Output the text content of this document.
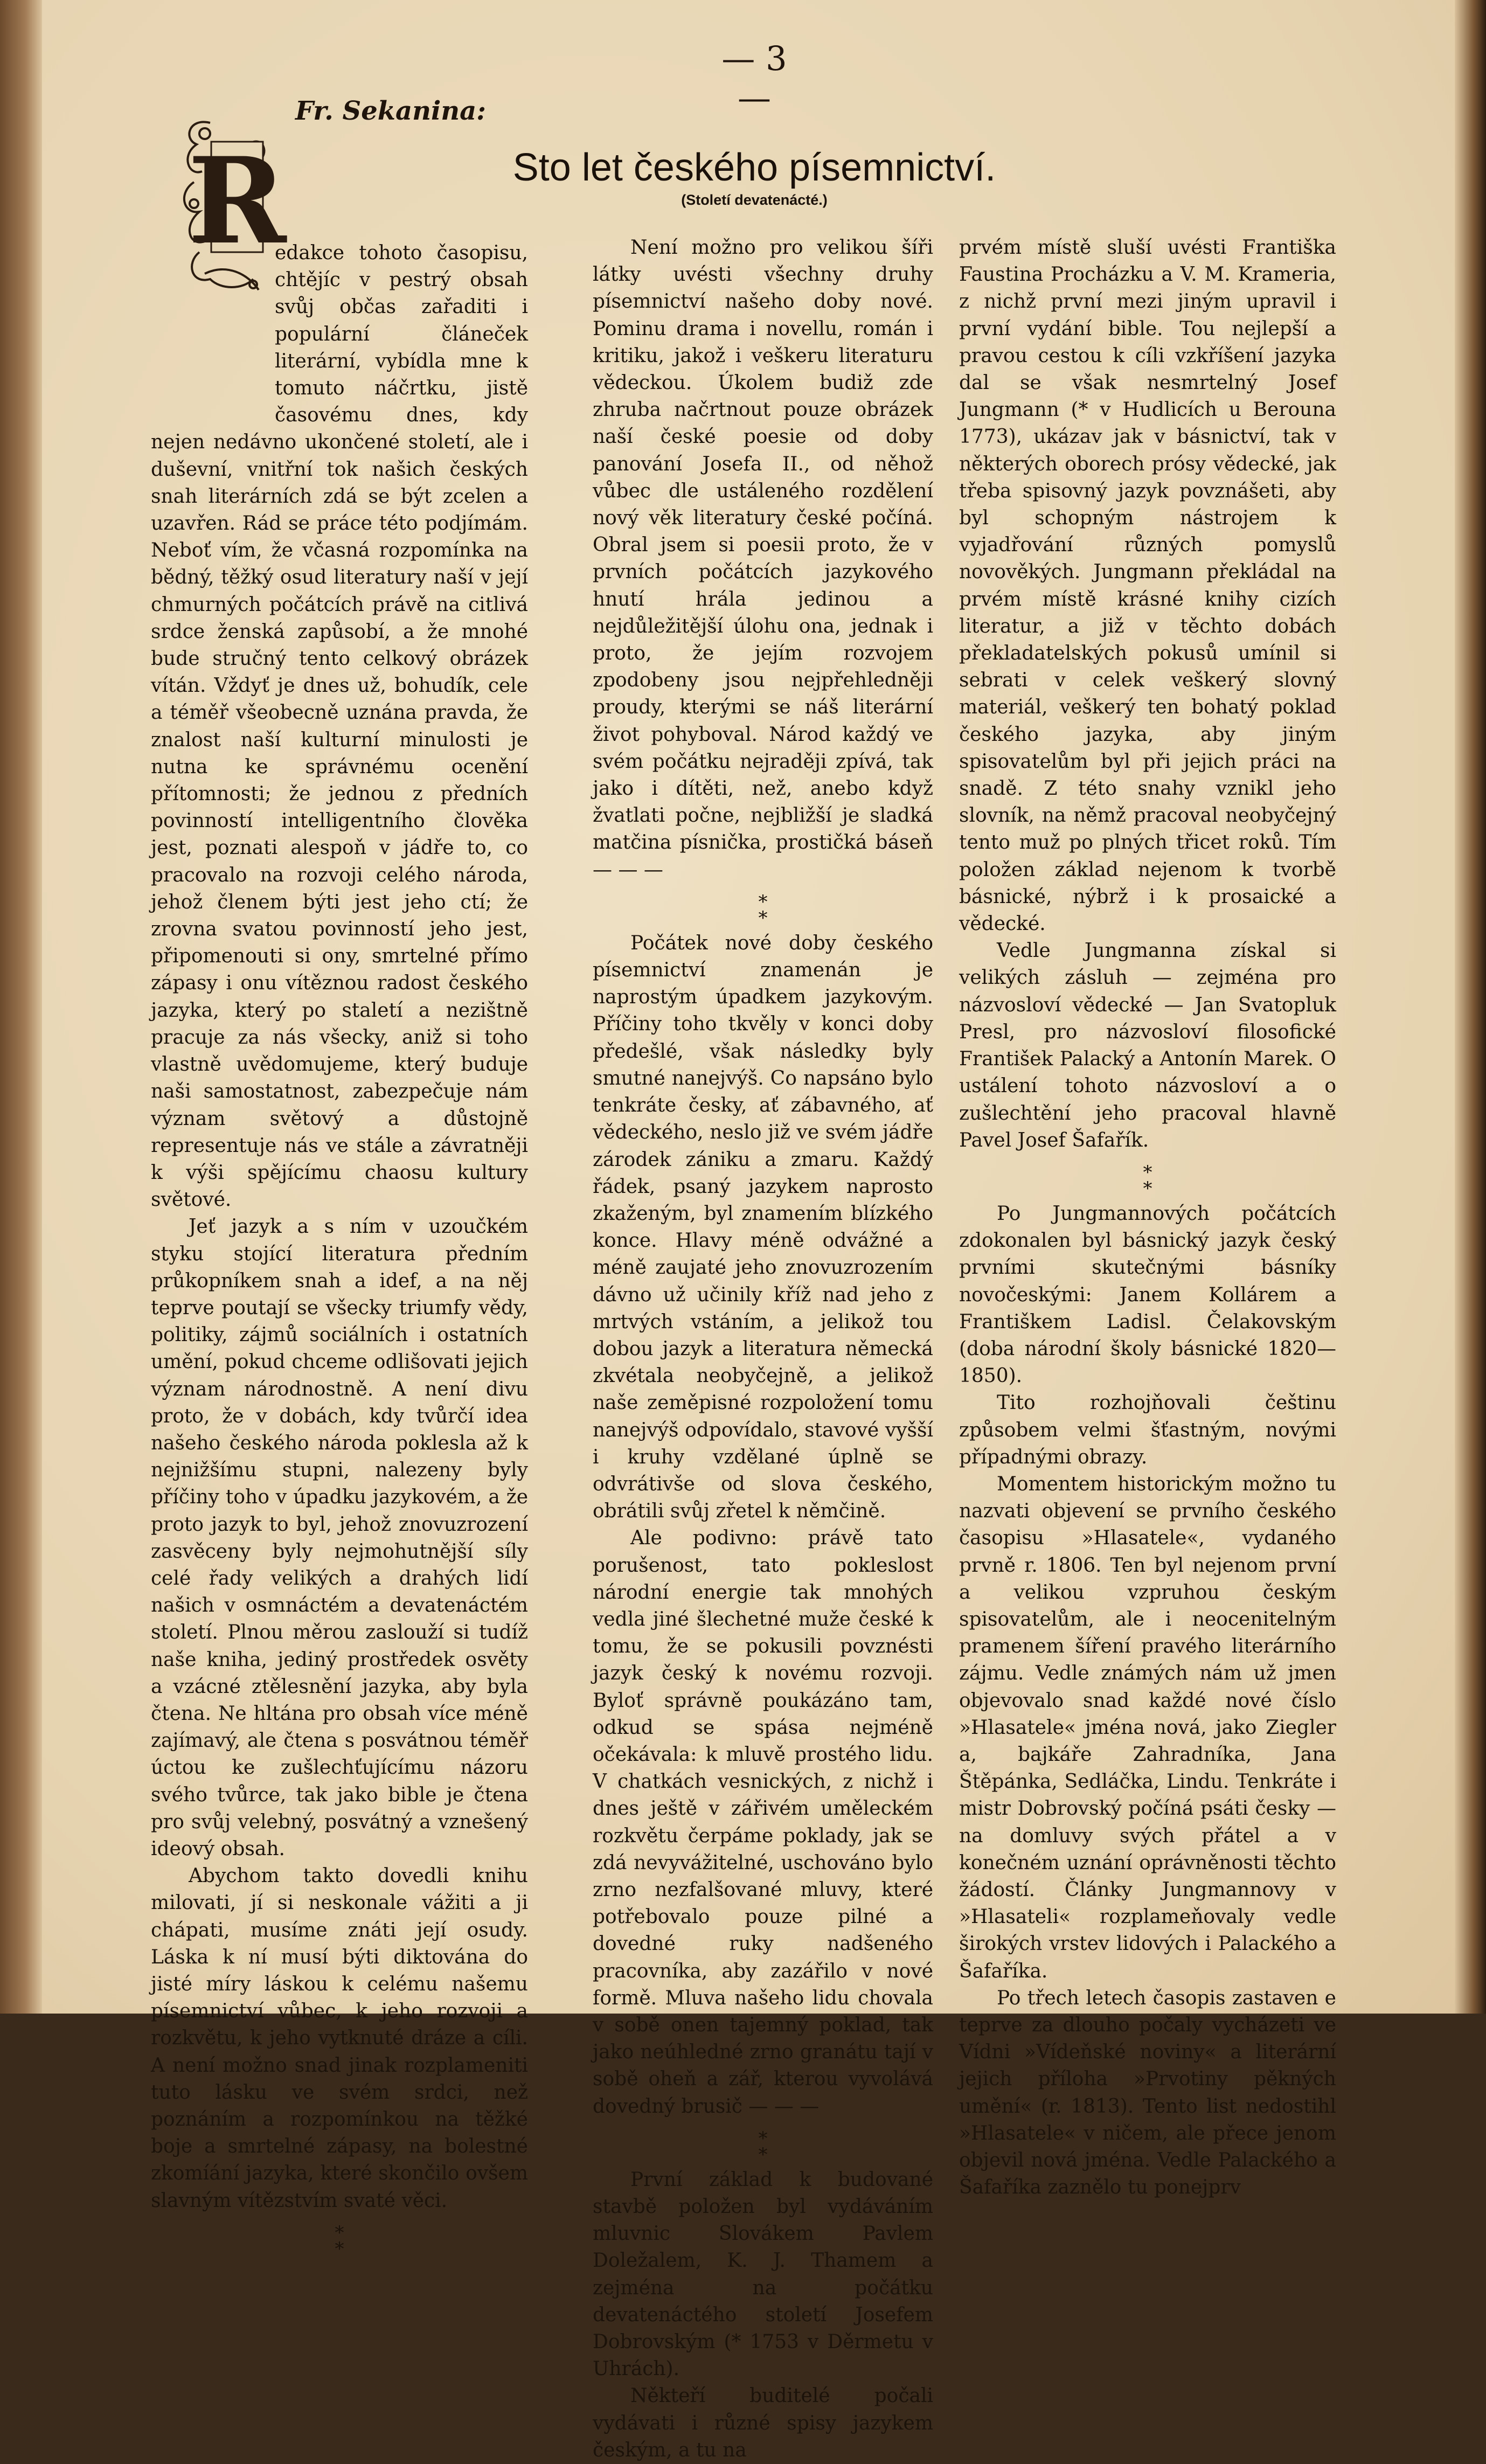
— 3 —
Fr. Sekanina:
Sto let českého písemnictví.
(Století devatenácté.)
R

edakce tohoto časopisu, chtějíc v pestrý obsah svůj občas zařaditi i populární článeček literární, vybídla mne k tomuto náčrtku, jistě časovému dnes, kdy nejen nedávno ukončené století, ale i duševní, vnitřní tok našich českých snah literárních zdá se být zcelen a uzavřen. Rád se práce této podjímám. Neboť vím, že včasná rozpomínka na bědný, těžký osud literatury naší v její chmurných počátcích právě na citlivá srdce ženská zapůsobí, a že mnohé bude stručný tento celkový obrázek vítán. Vždyť je dnes už, bohudík, cele a téměř všeobecně uznána pravda, že znalost naší kulturní minulosti je nutna ke správnému ocenění přítomnosti; že jednou z předních povinností intelligentního člověka jest, poznati alespoň v jádře to, co pracovalo na rozvoji celého národa, jehož členem býti jest jeho ctí; že zrovna svatou povinností jeho jest, připomenouti si ony, smrtelné přímo zápasy i onu vítěznou radost českého jazyka, který po staletí a nezištně pracuje za nás všecky, aniž si toho vlastně uvědomujeme, který buduje naši samostatnost, zabezpečuje nám význam světový a důstojně representuje nás ve stále a závratněji k výši spějícímu chaosu kultury světové.

Jeť jazyk a s ním v uzoučkém styku stojící literatura předním průkopníkem snah a idef, a na něj teprve poutají se všecky triumfy vědy, politiky, zájmů sociálních i ostatních umění, pokud chceme odlišovati jejich význam národnostně. A není divu proto, že v dobách, kdy tvůrčí idea našeho českého národa poklesla až k nejnižšímu stupni, nalezeny byly příčiny toho v úpadku jazykovém, a že proto jazyk to byl, jehož znovuzrození zasvěceny byly nejmohutnější síly celé řady velikých a drahých lidí našich v osmnáctém a devatenáctém století. Plnou měrou zaslouží si tudíž naše kniha, jediný prostředek osvěty a vzácné ztělesnění jazyka, aby byla čtena. Ne hltána pro obsah více méně zajímavý, ale čtena s posvátnou téměř úctou ke zušlechťujícímu názoru svého tvůrce, tak jako bible je čtena pro svůj velebný, posvátný a vznešený ideový obsah.

Abychom takto dovedli knihu milovati, jí si neskonale vážiti a ji chápati, musíme znáti její osudy. Láska k ní musí býti diktována do jisté míry láskou k celému našemu písemnictví vůbec, k jeho rozvoji a rozkvětu, k jeho vytknuté dráze a cíli. A není možno snad jinak rozplameniti tuto lásku ve svém srdci, než poznáním a rozpomínkou na těžké boje a smrtelné zápasy, na bolestné zkomíání jazyka, které skončilo ovšem slavným vítězstvím svaté věci.

*
*

Není možno pro velikou šíři látky uvésti všechny druhy písemnictví našeho doby nové. Pominu drama i novellu, román i kritiku, jakož i veškeru literaturu vědeckou. Úkolem budiž zde zhruba načrtnout pouze obrázek naší české poesie od doby panování Josefa II., od něhož vůbec dle ustáleného rozdělení nový věk literatury české počíná. Obral jsem si poesii proto, že v prvních počátcích jazykového hnutí hrála jedinou a nejdůležitější úlohu ona, jednak i proto, že jejím rozvojem zpodobeny jsou nejpřehledněji proudy, kterými se náš literární život pohyboval. Národ každý ve svém počátku nejraději zpívá, tak jako i dítěti, než, anebo když žvatlati počne, nejbližší je sladká matčina písnička, prostičká báseň — — —

*
*

Počátek nové doby českého písemnictví znamenán je naprostým úpadkem jazykovým. Příčiny toho tkvěly v konci doby předešlé, však následky byly smutné nanejvýš. Co napsáno bylo tenkráte česky, ať zábavného, ať vědeckého, neslo již ve svém jádře zárodek zániku a zmaru. Každý řádek, psaný jazykem naprosto zkaženým, byl znamením blízkého konce. Hlavy méně odvážné a méně zaujaté jeho znovuzrozením dávno už učinily kříž nad jeho z mrtvých vstáním, a jelikož tou dobou jazyk a literatura německá zkvétala neobyčejně, a jelikož naše zeměpisné rozpoložení tomu nanejvýš odpovídalo, stavové vyšší i kruhy vzdělané úplně se odvrátivše od slova českého, obrátili svůj zřetel k němčině.

Ale podivno: právě tato porušenost, tato pokleslost národní energie tak mnohých vedla jiné šlechetné muže české k tomu, že se pokusili povznésti jazyk český k novému rozvoji. Byloť správně poukázáno tam, odkud se spása nejméně očekávala: k mluvě prostého lidu. V chatkách vesnických, z nichž i dnes ještě v zářivém uměleckém rozkvětu čerpáme poklady, jak se zdá nevyvážitelné, uschováno bylo zrno nezfalšované mluvy, které potřebovalo pouze pilné a dovedné ruky nadšeného pracovníka, aby zazářilo v nové formě. Mluva našeho lidu chovala v sobě onen tajemný poklad, tak jako neúhledné zrno granátu tají v sobě oheň a zář, kterou vyvolává dovedný brusič — — —

*
*

První základ k budované stavbě položen byl vydáváním mluvnic Slovákem Pavlem Doležalem, K. J. Thamem a zejména na počátku devatenáctého století Josefem Dobrovským (* 1753 v Děrmetu v Uhrách).

Někteří buditelé počali vydávati i různé spisy jazykem českým, a tu na

prvém místě sluší uvésti Františka Faustina Procházku a V. M. Krameria, z nichž první mezi jiným upravil i první vydání bible. Tou nejlepší a pravou cestou k cíli vzkříšení jazyka dal se však nesmrtelný Josef Jungmann (* v Hudlicích u Berouna 1773), ukázav jak v básnictví, tak v některých oborech prósy vědecké, jak třeba spisovný jazyk povznášeti, aby byl schopným nástrojem k vyjadřování různých pomyslů novověkých. Jungmann překládal na prvém místě krásné knihy cizích literatur, a již v těchto dobách překladatelských pokusů umínil si sebrati v celek veškerý slovný materiál, veškerý ten bohatý poklad českého jazyka, aby jiným spisovatelům byl při jejich práci na snadě. Z této snahy vznikl jeho slovník, na němž pracoval neobyčejný tento muž po plných třicet roků. Tím položen základ nejenom k tvorbě básnické, nýbrž i k prosaické a vědecké.

Vedle Jungmanna získal si velikých zásluh — zejména pro názvosloví vědecké — Jan Svatopluk Presl, pro názvosloví filosofické František Palacký a Antonín Marek. O ustálení tohoto názvosloví a o zušlechtění jeho pracoval hlavně Pavel Josef Šafařík.

*
*

Po Jungmannových počátcích zdokonalen byl básnický jazyk český prvními skutečnými básníky novočeskými: Janem Kollárem a Františkem Ladisl. Čelakovským (doba národní školy básnické 1820—1850).

Tito rozhojňovali češtinu způsobem velmi šťastným, novými případnými obrazy.

Momentem historickým možno tu nazvati objevení se prvního českého časopisu »Hlasatele«, vydaného prvně r. 1806. Ten byl nejenom první a velikou vzpruhou českým spisovatelům, ale i neocenitelným pramenem šíření pravého literárního zájmu. Vedle známých nám už jmen objevovalo snad každé nové číslo »Hlasatele« jména nová, jako Ziegler a, bajkáře Zahradníka, Jana Štěpánka, Sedláčka, Lindu. Tenkráte i mistr Dobrovský počíná psáti česky — na domluvy svých přátel a v konečném uznání oprávněnosti těchto žádostí. Články Jungmannovy v »Hlasateli« rozplameňovaly vedle širokých vrstev lidových i Palackého a Šafaříka.

Po třech letech časopis zastaven e teprve za dlouho počaly vycházeti ve Vídni »Vídeňské noviny« a literární jejich příloha »Prvotiny pěkných umění« (r. 1813). Tento list nedostihl »Hlasatele« v ničem, ale přece jenom objevil nová jména. Vedle Palackého a Šafaříka zaznělo tu ponejprv
